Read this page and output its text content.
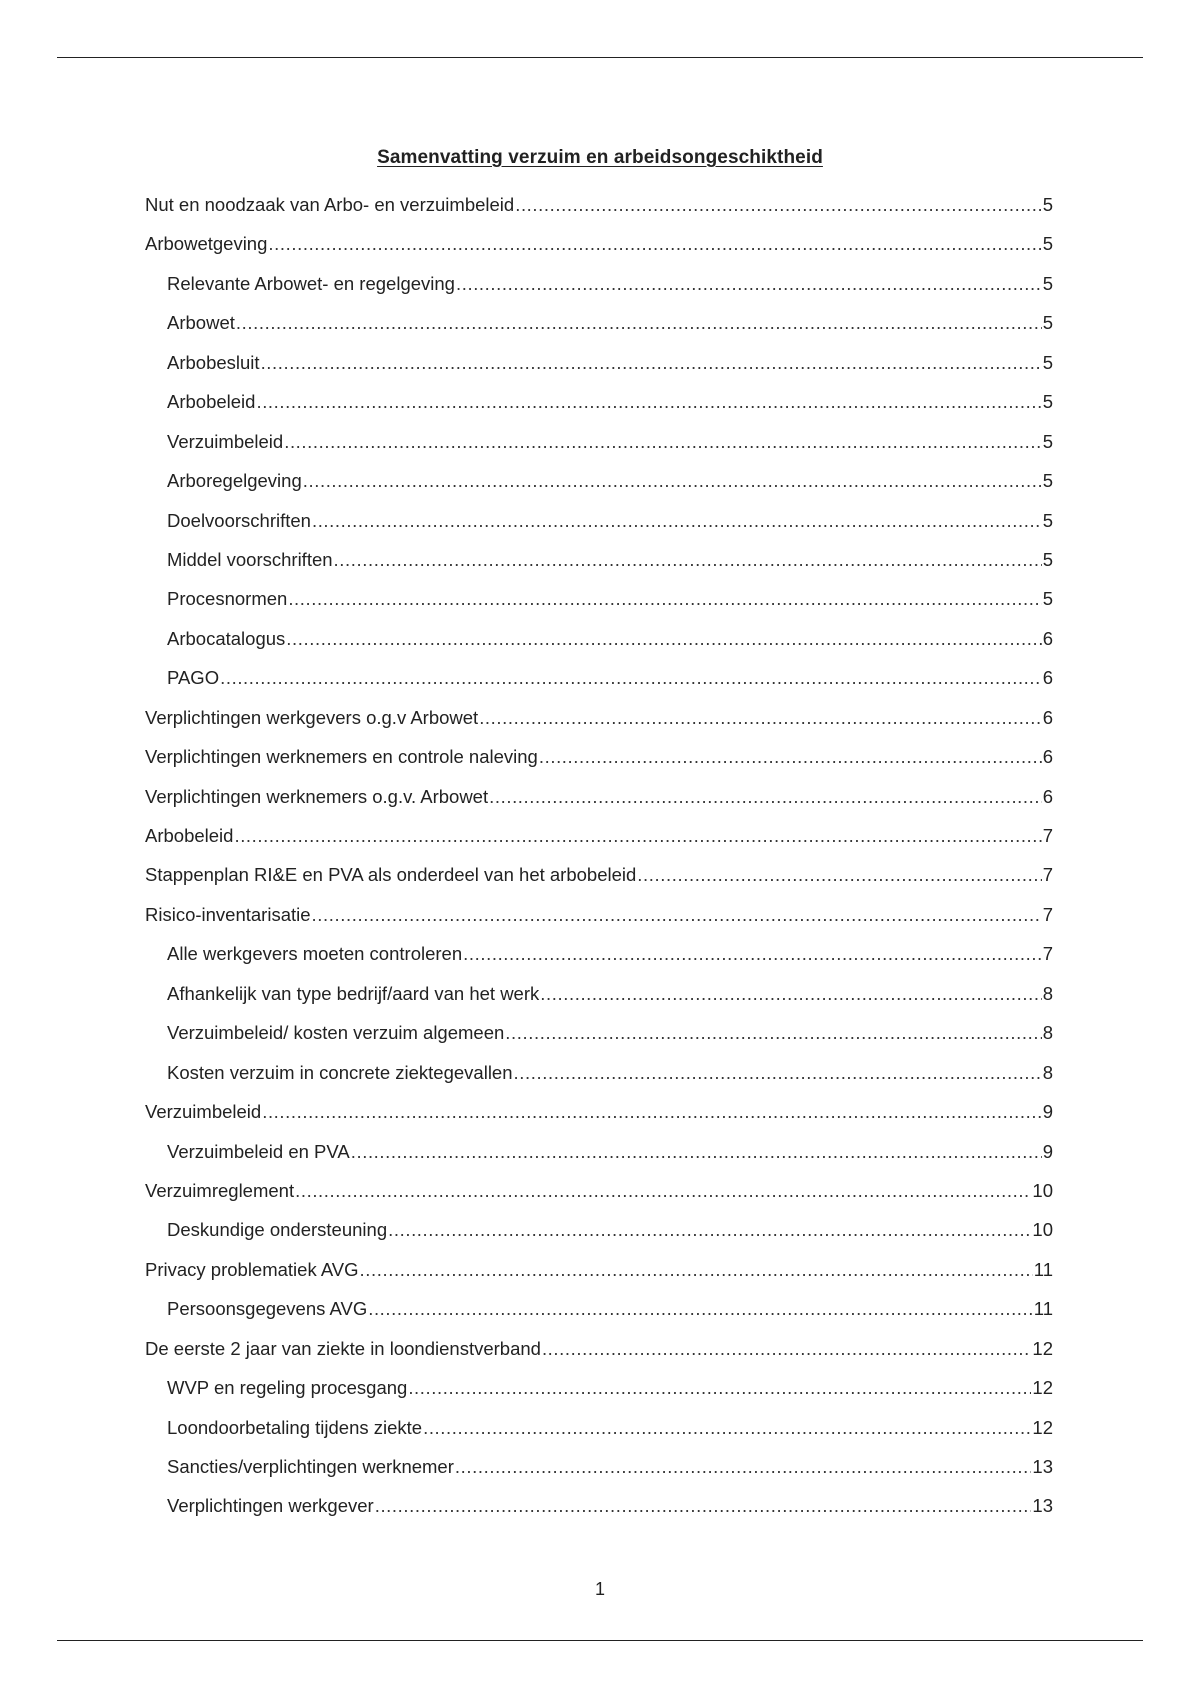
Samenvatting verzuim en arbeidsongeschiktheid
Nut en noodzaak van Arbo- en verzuimbeleid .....	5
Arbowetgeving .....	5
Relevante Arbowet- en regelgeving .....	5
Arbowet .....	5
Arbobesluit .....	5
Arbobeleid .....	5
Verzuimbeleid .....	5
Arboregelgeving .....	5
Doelvoorschriften .....	5
Middel voorschriften .....	5
Procesnormen .....	5
Arbocatalogus .....	6
PAGO .....	6
Verplichtingen werkgevers o.g.v Arbowet .....	6
Verplichtingen werknemers en controle naleving .....	6
Verplichtingen werknemers o.g.v. Arbowet .....	6
Arbobeleid .....	7
Stappenplan RI&E en PVA als onderdeel van het arbobeleid .....	7
Risico-inventarisatie .....	7
Alle werkgevers moeten controleren .....	7
Afhankelijk van type bedrijf/aard van het werk .....	8
Verzuimbeleid/ kosten verzuim algemeen .....	8
Kosten verzuim in concrete ziektegevallen .....	8
Verzuimbeleid .....	9
Verzuimbeleid en PVA .....	9
Verzuimreglement .....	10
Deskundige ondersteuning .....	10
Privacy problematiek AVG .....	11
Persoonsgegevens AVG .....	11
De eerste 2 jaar van ziekte in loondienstverband .....	12
WVP en regeling procesgang .....	12
Loondoorbetaling tijdens ziekte .....	12
Sancties/verplichtingen werknemer .....	13
Verplichtingen werkgever .....	13
1
